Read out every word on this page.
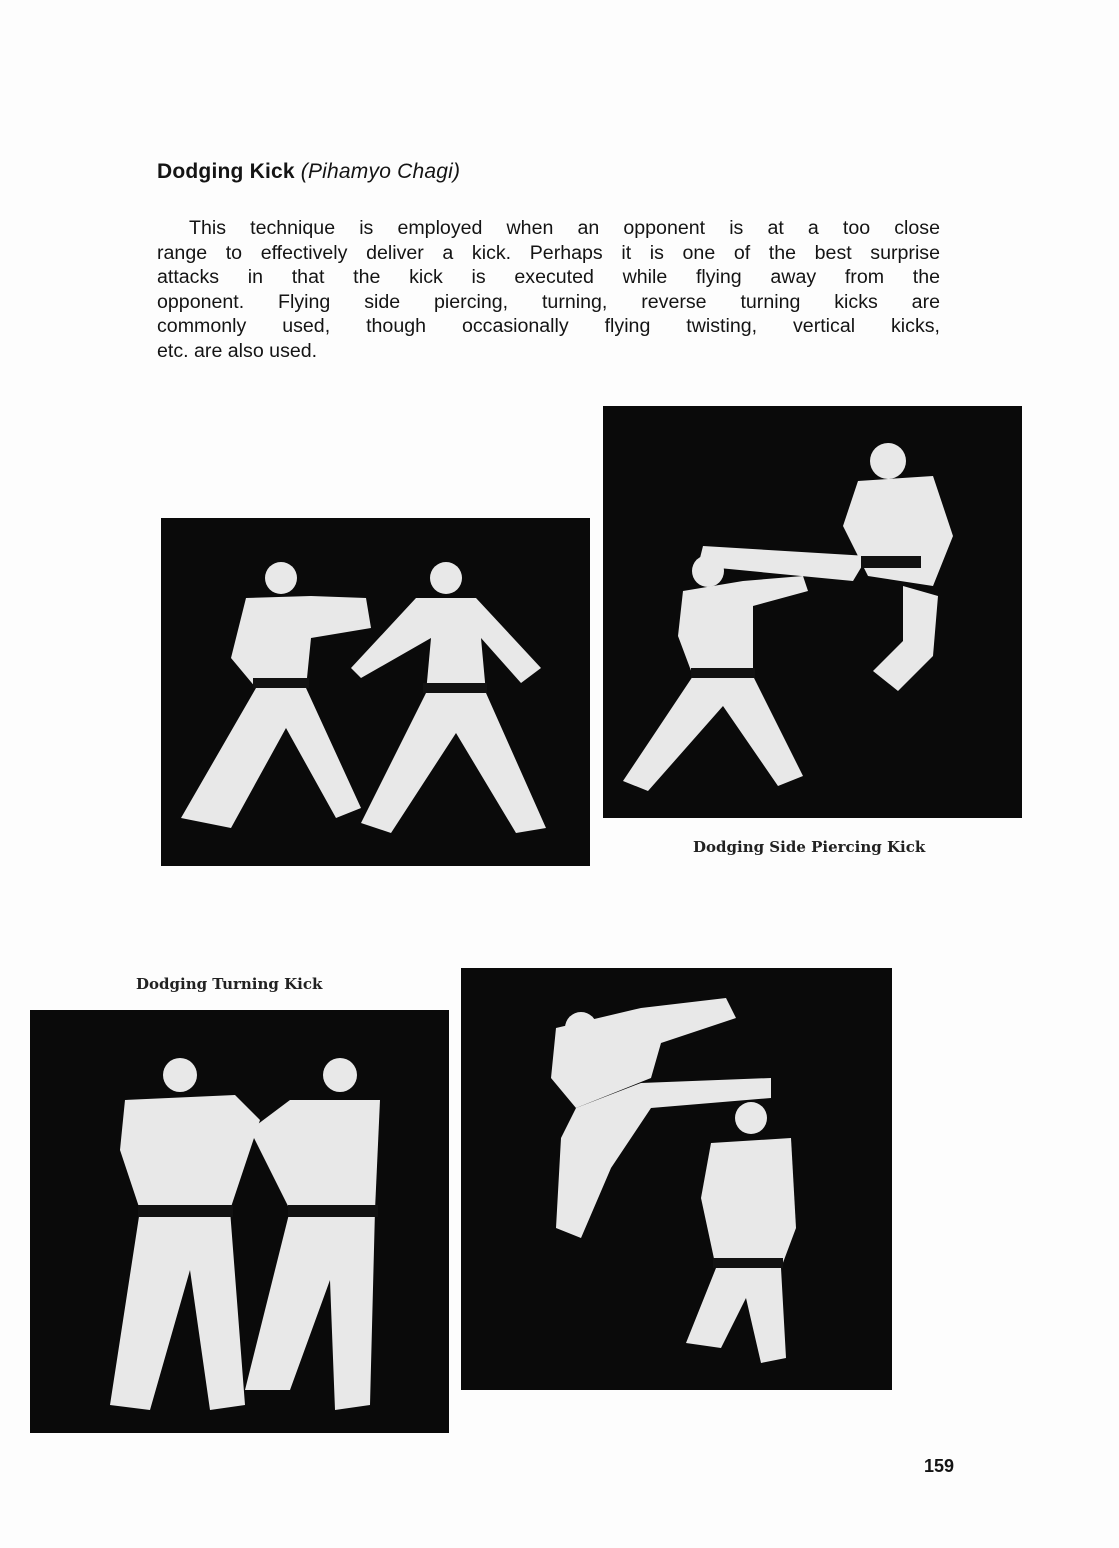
Dodging Kick (Pihamyo Chagi)
This technique is employed when an opponent is at a too close
range to effectively deliver a kick. Perhaps it is one of the best surprise
attacks in that the kick is executed while flying away from the
opponent. Flying side piercing, turning, reverse turning kicks are
commonly used, though occasionally flying twisting, vertical kicks,
etc. are also used.
Dodging Side Piercing Kick
Dodging Turning Kick
159
